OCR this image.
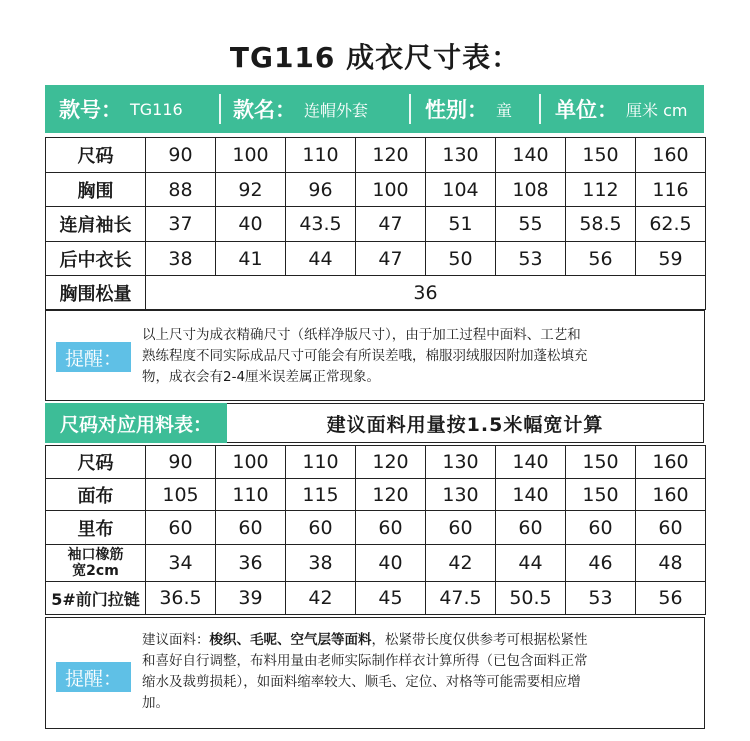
TG116 成衣尺寸表：
款号： TG116 款名： 连帽外套	性别： 童 单位： 厘米 cm
尺码	90	100	110	120	130	140	150	160
胸围	88	92	96	100	104	108	112	116
连肩袖长	37	40	43.5	47	51	55	58.5	62.5
后中衣长	38	41	44	47	50	53	56	59
胸围松量	36							
提醒：
以上尺寸为成衣精确尺寸（纸样净版尺寸），由于加工过程中面料、工艺和
熟练程度不同实际成品尺寸可能会有所误差哦，棉服羽绒服因附加蓬松填充
物，成衣会有2-4厘米误差属正常现象。
尺码对应用料表：	建议面料用量按1.5米幅宽计算
尺码	90	100	110	120	130	140	150	160
面布	105	110	115	120	130	140	150	160
里布	60	60	60	60	60	60	60	60

袖口橡筋
宽2cm	34	36	38	40	42	44	46	48
5#前门拉链	36.5	39	42	45	47.5	50.5	53	56
提醒：
建议面料：梭织、毛呢、空气层等面料，松紧带长度仅供参考可根据松紧性
和喜好自行调整，布料用量由老师实际制作样衣计算所得（已包含面料正常
缩水及裁剪损耗），如面料缩率较大、顺毛、定位、对格等可能需要相应增
加。
